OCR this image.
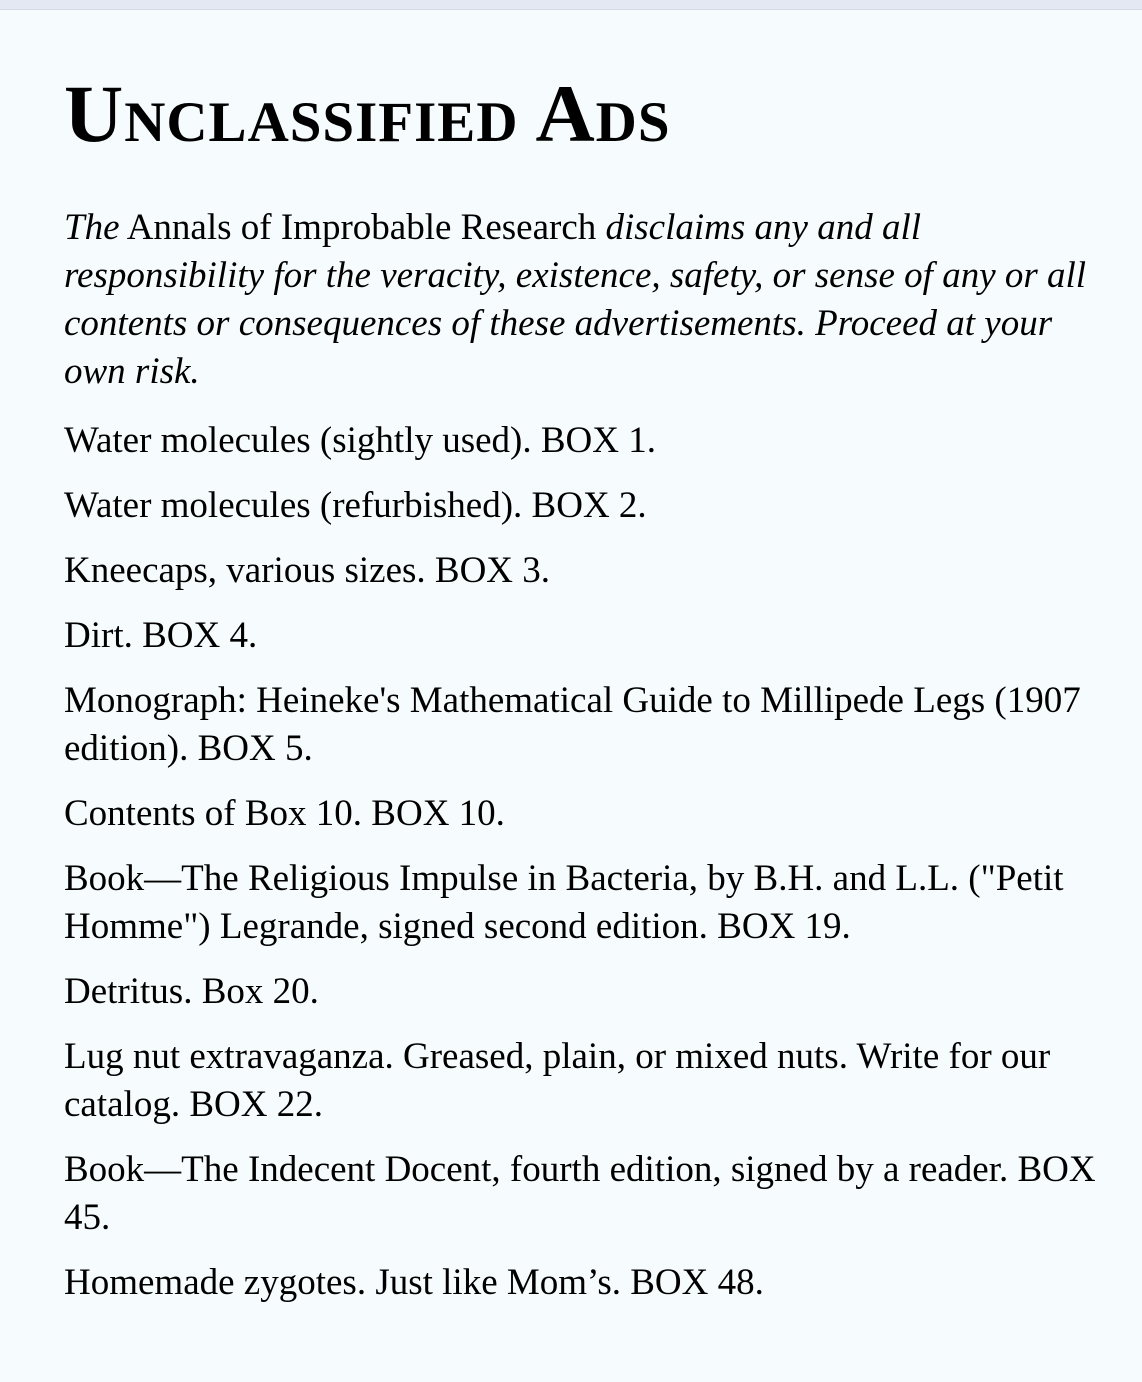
Unclassified Ads

The Annals of Improbable Research disclaims any and all responsibility for the veracity, existence, safety, or sense of any or all contents or consequences of these advertisements. Proceed at your own risk.

Water molecules (sightly used). BOX 1.
Water molecules (refurbished). BOX 2.
Kneecaps, various sizes. BOX 3.
Dirt. BOX 4.
Monograph: Heineke's Mathematical Guide to Millipede Legs (1907 edition). BOX 5.
Contents of Box 10. BOX 10.
Book—The Religious Impulse in Bacteria, by B.H. and L.L. ("Petit Homme") Legrande, signed second edition. BOX 19.
Detritus. Box 20.
Lug nut extravaganza. Greased, plain, or mixed nuts. Write for our catalog. BOX 22.
Book—The Indecent Docent, fourth edition, signed by a reader. BOX 45.
Homemade zygotes. Just like Mom’s. BOX 48.
